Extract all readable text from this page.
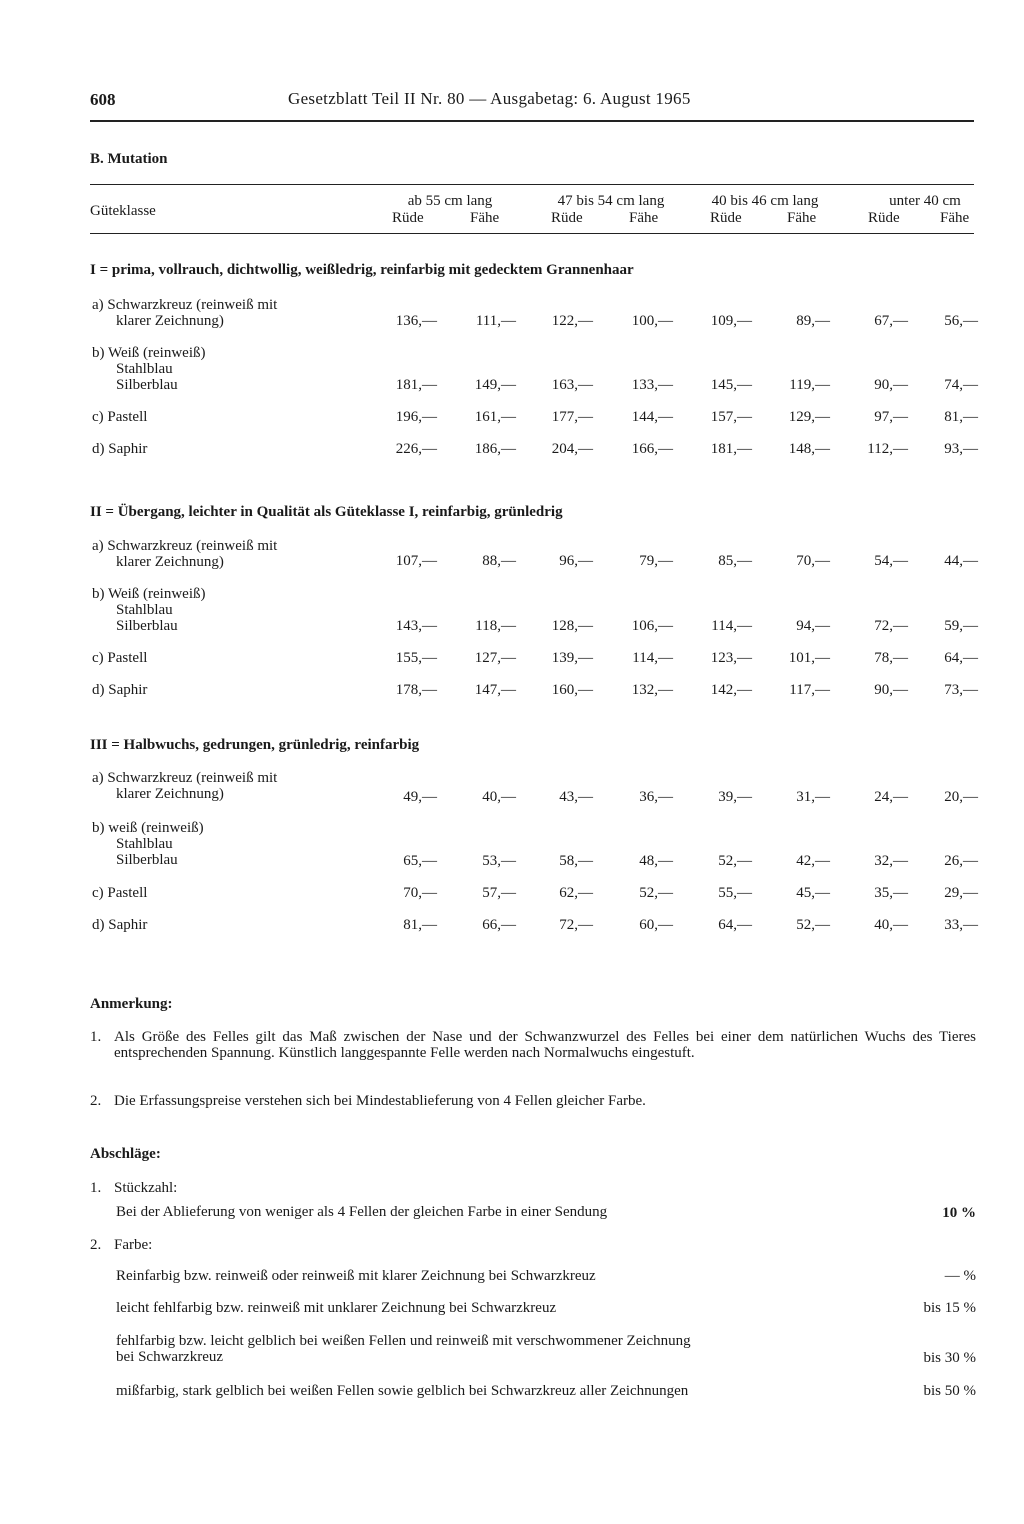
608	Gesetzblatt Teil II Nr. 80 — Ausgabetag: 6. August 1965
B. Mutation
Güteklasse
ab 55 cm lang	47 bis 54 cm lang	40 bis 46 cm lang	unter 40 cm
Rüde	Fähe	Rüde	Fähe	Rüde	Fähe	Rüde	Fähe
I = prima, vollrauch, dichtwollig, weißledrig, reinfarbig mit gedecktem Grannenhaar
a) Schwarzkreuz (reinweiß mit
klarer Zeichnung)	136,—	111,—	122,—	100,—	109,—	89,—	67,—	56,—
b) Weiß (reinweiß)
Stahlblau
Silberblau	181,—	149,—	163,—	133,—	145,—	119,—	90,—	74,—
c) Pastell	196,—	161,—	177,—	144,—	157,—	129,—	97,—	81,—
d) Saphir	226,—	186,—	204,—	166,—	181,—	148,—	112,—	93,—
II = Übergang, leichter in Qualität als Güteklasse I, reinfarbig, grünledrig
a) Schwarzkreuz (reinweiß mit
klarer Zeichnung)	107,—	88,—	96,—	79,—	85,—	70,—	54,—	44,—
b) Weiß (reinweiß)
Stahlblau
Silberblau	143,—	118,—	128,—	106,—	114,—	94,—	72,—	59,—
c) Pastell	155,—	127,—	139,—	114,—	123,—	101,—	78,—	64,—
d) Saphir	178,—	147,—	160,—	132,—	142,—	117,—	90,—	73,—
III = Halbwuchs, gedrungen, grünledrig, reinfarbig
a) Schwarzkreuz (reinweiß mit
klarer Zeichnung)	49,—	40,—	43,—	36,—	39,—	31,—	24,—	20,—
b) weiß (reinweiß)
Stahlblau
Silberblau	65,—	53,—	58,—	48,—	52,—	42,—	32,—	26,—
c) Pastell	70,—	57,—	62,—	52,—	55,—	45,—	35,—	29,—
d) Saphir	81,—	66,—	72,—	60,—	64,—	52,—	40,—	33,—
Anmerkung:
1. Als Größe des Felles gilt das Maß zwischen der Nase und der Schwanzwurzel des Felles bei einer dem natürlichen Wuchs des Tieres entsprechenden Spannung. Künstlich langgespannte Felle werden nach Normalwuchs eingestuft.
2. Die Erfassungspreise verstehen sich bei Mindestablieferung von 4 Fellen gleicher Farbe.
Abschläge:
1. Stückzahl:
Bei der Ablieferung von weniger als 4 Fellen der gleichen Farbe in einer Sendung	10 %
2. Farbe:
Reinfarbig bzw. reinweiß oder reinweiß mit klarer Zeichnung bei Schwarzkreuz	— %
leicht fehlfarbig bzw. reinweiß mit unklarer Zeichnung bei Schwarzkreuz	bis 15 %
fehlfarbig bzw. leicht gelblich bei weißen Fellen und reinweiß mit verschwommener Zeichnung
bei Schwarzkreuz	bis 30 %
mißfarbig, stark gelblich bei weißen Fellen sowie gelblich bei Schwarzkreuz aller Zeichnungen	bis 50 %
